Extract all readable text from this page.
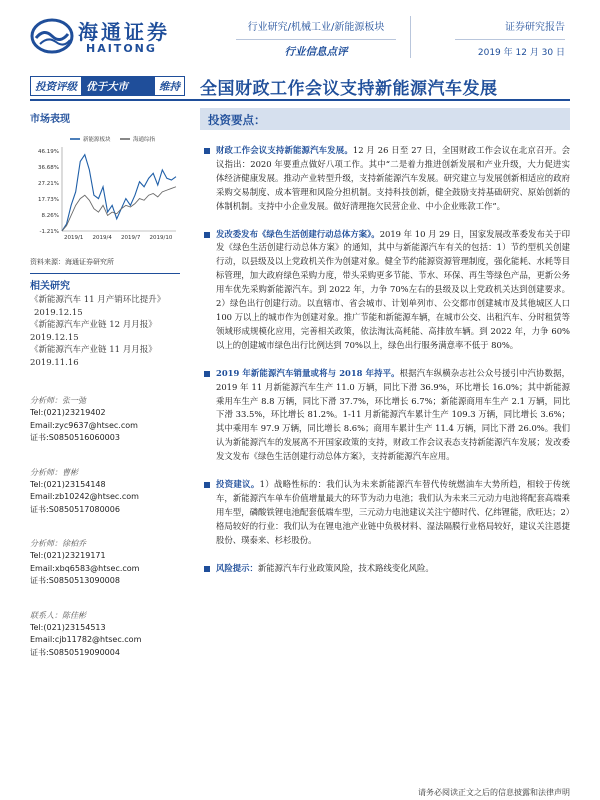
海通证券
HAITONG
行业研究/机械工业/新能源板块
行业信息点评
证券研究报告
2019 年 12 月 30 日
投资评级 优于大市	维持 全国财政工作会议支持新能源汽车发展
市场表现
46.19%
36.68%
27.21%
17.73%
8.26%
-1.21%
2019/1 2019/4 2019/7 2019/10
新能源板块	海通综指
资料来源：海通证券研究所
相关研究
《新能源汽车 11 月产销环比提升》
2019.12.15
《新能源汽车产业链 12 月月报》2019.12.15
《新能源汽车产业链 11 月月报》2019.11.16
分析师：张一弛
Tel:(021)23219402
Email:zyc9637@htsec.com
证书:S0850516060003
分析师：曹彬
Tel:(021)23154148
Email:zb10242@htsec.com
证书:S0850517080006
分析师：徐柏乔
Tel:(021)23219171
Email:xbq6583@htsec.com
证书:S0850513090008
联系人：陈佳彬
Tel:(021)23154513
Email:cjb11782@htsec.com
证书:S0850519090004
投资要点：
财政工作会议支持新能源汽车发展。12 月 26 日至 27 日，全国财政工作会议在北京召开。会议指出：2020 年要重点做好八项工作。其中“二是着力推进创新发展和产业升级，大力促进实体经济健康发展。推动产业转型升级，支持新能源汽车发展。研究建立与发展创新相适应的政府采购交易制度、成本管理和风险分担机制。支持科技创新，健全鼓励支持基础研究、原始创新的体制机制。支持中小企业发展。做好清理拖欠民营企业、中小企业账款工作”。
发改委发布《绿色生活创建行动总体方案》。2019 年 10 月 29 日，国家发展改革委发布关于印发《绿色生活创建行动总体方案》的通知，其中与新能源汽车有关的包括：1）节约型机关创建行动，以县级及以上党政机关作为创建对象。健全节约能源资源管理制度，强化能耗、水耗等目标管理，加大政府绿色采购力度，带头采购更多节能、节水、环保、再生等绿色产品，更新公务用车优先采购新能源汽车。到 2022 年，力争 70%左右的县级及以上党政机关达到创建要求。2）绿色出行创建行动。以直辖市、省会城市、计划单列市、公交都市创建城市及其他城区人口 100 万以上的城市作为创建对象。推广节能和新能源车辆，在城市公交、出租汽车、分时租赁等领域形成规模化应用，完善相关政策，依法淘汰高耗能、高排放车辆。到 2022 年，力争 60%以上的创建城市绿色出行比例达到 70%以上，绿色出行服务满意率不低于 80%。
2019 年新能源汽车销量或将与 2018 年持平。根据汽车纵横杂志社公众号援引中汽协数据，2019 年 11 月新能源汽车生产 11.0 万辆，同比下滑 36.9%，环比增长 16.0%；其中新能源乘用车生产 8.8 万辆，同比下滑 37.7%，环比增长 6.7%；新能源商用车生产 2.1 万辆，同比下滑 33.5%，环比增长 81.2%。1-11 月新能源汽车累计生产 109.3 万辆，同比增长 3.6%；其中乘用车 97.9 万辆，同比增长 8.6%；商用车累计生产 11.4 万辆，同比下滑 26.0%。我们认为新能源汽车的发展离不开国家政策的支持，财政工作会议表态支持新能源汽车发展；发改委发文发布《绿色生活创建行动总体方案》，支持新能源汽车应用。
投资建议。1）战略性标的：我们认为未来新能源汽车替代传统燃油车大势所趋，相较于传统车，新能源汽车单车价值增量最大的环节为动力电池；我们认为未来三元动力电池将配套高端乘用车型，磷酸铁锂电池配套低端车型，三元动力电池建议关注宁德时代、亿纬锂能，欣旺达；2）格局较好的行业：我们认为在锂电池产业链中负极材料、湿法隔膜行业格局较好，建议关注恩捷股份、璞泰来、杉杉股份。
风险提示：新能源汽车行业政策风险，技术路线变化风险。
请务必阅读正文之后的信息披露和法律声明
